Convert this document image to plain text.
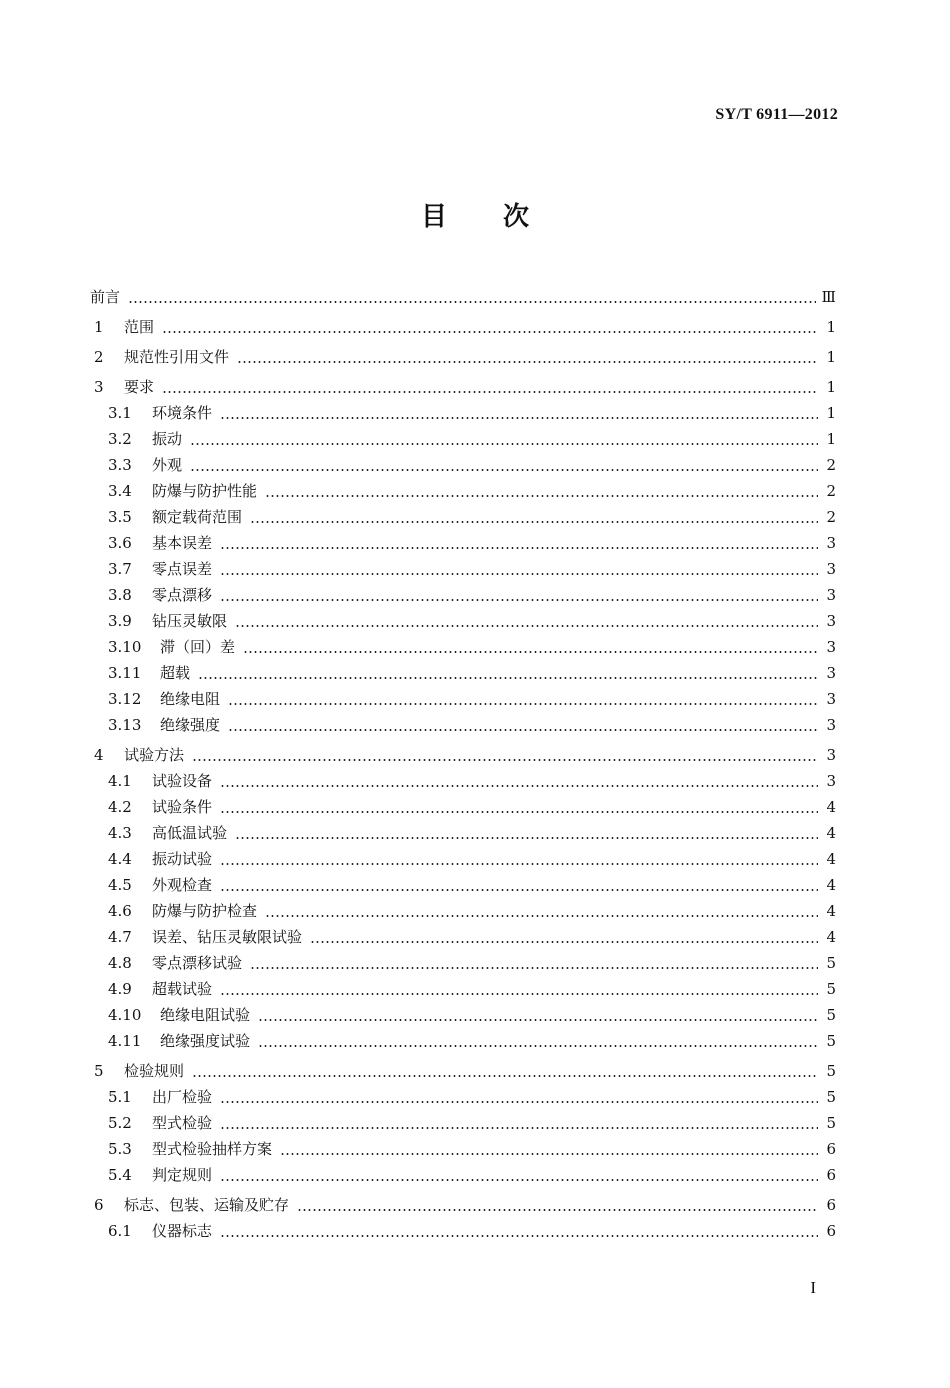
SY/T 6911—2012
目 次
前言	Ⅲ
1	范围	1
2	规范性引用文件	1
3	要求	1
3.1	环境条件	1
3.2	振动	1
3.3	外观	2
3.4	防爆与防护性能	2
3.5	额定载荷范围	2
3.6	基本误差	3
3.7	零点误差	3
3.8	零点漂移	3
3.9	钻压灵敏限	3
3.10	滞（回）差	3
3.11	超载	3
3.12	绝缘电阻	3
3.13	绝缘强度	3
4	试验方法	3
4.1	试验设备	3
4.2	试验条件	4
4.3	高低温试验	4
4.4	振动试验	4
4.5	外观检查	4
4.6	防爆与防护检查	4
4.7	误差、钻压灵敏限试验	4
4.8	零点漂移试验	5
4.9	超载试验	5
4.10	绝缘电阻试验	5
4.11	绝缘强度试验	5
5	检验规则	5
5.1	出厂检验	5
5.2	型式检验	5
5.3	型式检验抽样方案	6
5.4	判定规则	6
6	标志、包装、运输及贮存	6
6.1	仪器标志	6
I
